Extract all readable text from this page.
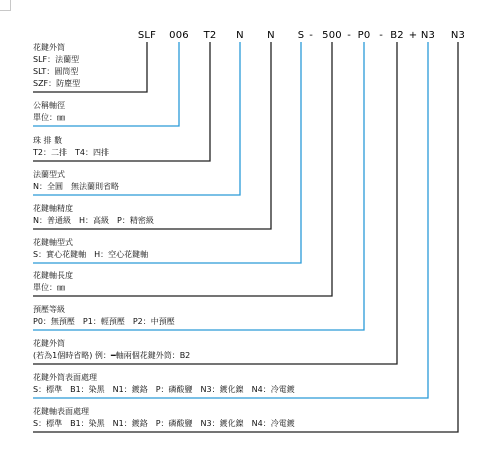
SLF 006 T2 N N	-
S 500 - P0 - B2 + N3 N3
花鍵外筒
SLF：法蘭型
SLT：圓筒型
SZF：防塵型
公稱軸徑
單位：㎜
珠 排 數
T2：二排　T4：四排
法蘭型式
N：全圓　無法蘭則省略
花鍵軸精度
N：普通級　H：高級　P：精密級
花鍵軸型式
S：實心花鍵軸　H：空心花鍵軸
花鍵軸長度
單位：㎜
預壓等級
P0：無預壓　P1：輕預壓　P2：中預壓
花鍵外筒
(若為1個時省略) 例：━軸兩個花鍵外筒：B2
花鍵外筒表面處理
S：標準　B1：染黑　N1：鍍鉻　P：磷酸鹽　N3：鍍化鎳　N4：冷電鍍
花鍵軸表面處理
S：標準　B1：染黑　N1：鍍鉻　P：磷酸鹽　N3：鍍化鎳　N4：冷電鍍
